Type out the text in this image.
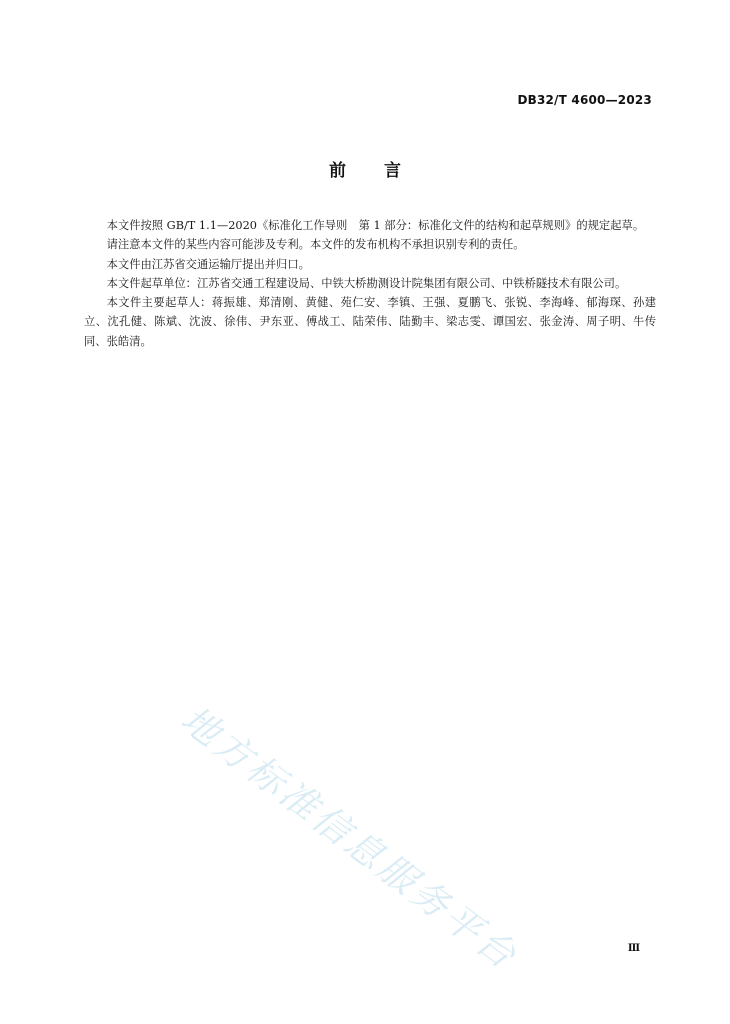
DB32/T 4600—2023
前言

本文件按照 GB/T 1.1—2020《标准化工作导则　第 1 部分：标准化文件的结构和起草规则》的规定起草。

请注意本文件的某些内容可能涉及专利。本文件的发布机构不承担识别专利的责任。

本文件由江苏省交通运输厅提出并归口。

本文件起草单位：江苏省交通工程建设局、中铁大桥勘测设计院集团有限公司、中铁桥隧技术有限公司。

本文件主要起草人：蒋振雄、郑清刚、黄健、苑仁安、李镇、王强、夏鹏飞、张锐、李海峰、郁海琛、孙建立、沈孔健、陈斌、沈波、徐伟、尹东亚、傅战工、陆荣伟、陆勤丰、梁志雯、谭国宏、张金涛、周子明、牛传同、张皓清。

地方标准信息服务平台	Ⅲ
